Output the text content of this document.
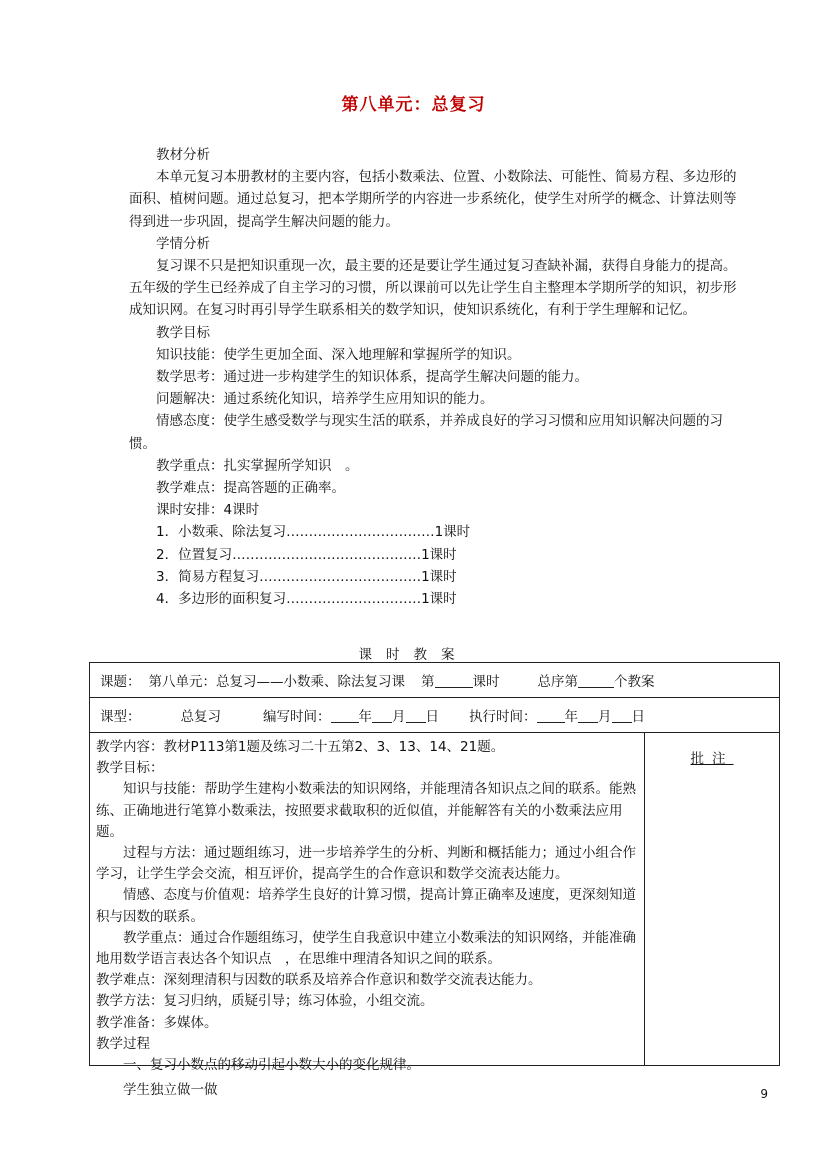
第八单元：总复习

教材分析

本单元复习本册教材的主要内容，包括小数乘法、位置、小数除法、可能性、简易方程、多边形的面积、植树问题。通过总复习，把本学期所学的内容进一步系统化，使学生对所学的概念、计算法则等得到进一步巩固，提高学生解决问题的能力。

学情分析

复习课不只是把知识重现一次，最主要的还是要让学生通过复习查缺补漏，获得自身能力的提高。五年级的学生已经养成了自主学习的习惯，所以课前可以先让学生自主整理本学期所学的知识，初步形成知识网。在复习时再引导学生联系相关的数学知识，使知识系统化，有利于学生理解和记忆。

教学目标

知识技能：使学生更加全面、深入地理解和掌握所学的知识。

数学思考：通过进一步构建学生的知识体系，提高学生解决问题的能力。

问题解决：通过系统化知识，培养学生应用知识的能力。

情感态度：使学生感受数学与现实生活的联系，并养成良好的学习习惯和应用知识解决问题的习惯。

教学重点：扎实掌握所学知识　。

教学难点：提高答题的正确率。

课时安排：4课时

1．小数乘、除法复习……………………………1课时

2．位置复习……………………………………1课时

3．简易方程复习………………………………1课时

4．多边形的面积复习…………………………1课时

课时教案
课题： 第八单元：总复习——小数乘、除法复习课 第	课时	总序第	个教案
课型：	总复习	编写时间： 年 月 日 执行时间： 年 月 日

教学内容：教材P113第1题及练习二十五第2、3、13、14、21题。

教学目标：

知识与技能：帮助学生建构小数乘法的知识网络，并能理清各知识点之间的联系。能熟练、正确地进行笔算小数乘法，按照要求截取积的近似值，并能解答有关的小数乘法应用题。

过程与方法：通过题组练习，进一步培养学生的分析、判断和概括能力；通过小组合作学习，让学生学会交流，相互评价，提高学生的合作意识和数学交流表达能力。

情感、态度与价值观：培养学生良好的计算习惯，提高计算正确率及速度，更深刻知道积与因数的联系。

教学重点：通过合作题组练习，使学生自我意识中建立小数乘法的知识网络，并能准确地用数学语言表达各个知识点　，在思维中理清各知识之间的联系。

教学难点：深刻理清积与因数的联系及培养合作意识和数学交流表达能力。

教学方法：复习归纳，质疑引导；练习体验，小组交流。

教学准备：多媒体。

教学过程

一、复习小数点的移动引起小数大小的变化规律。

学生独立做一做

批注
9
